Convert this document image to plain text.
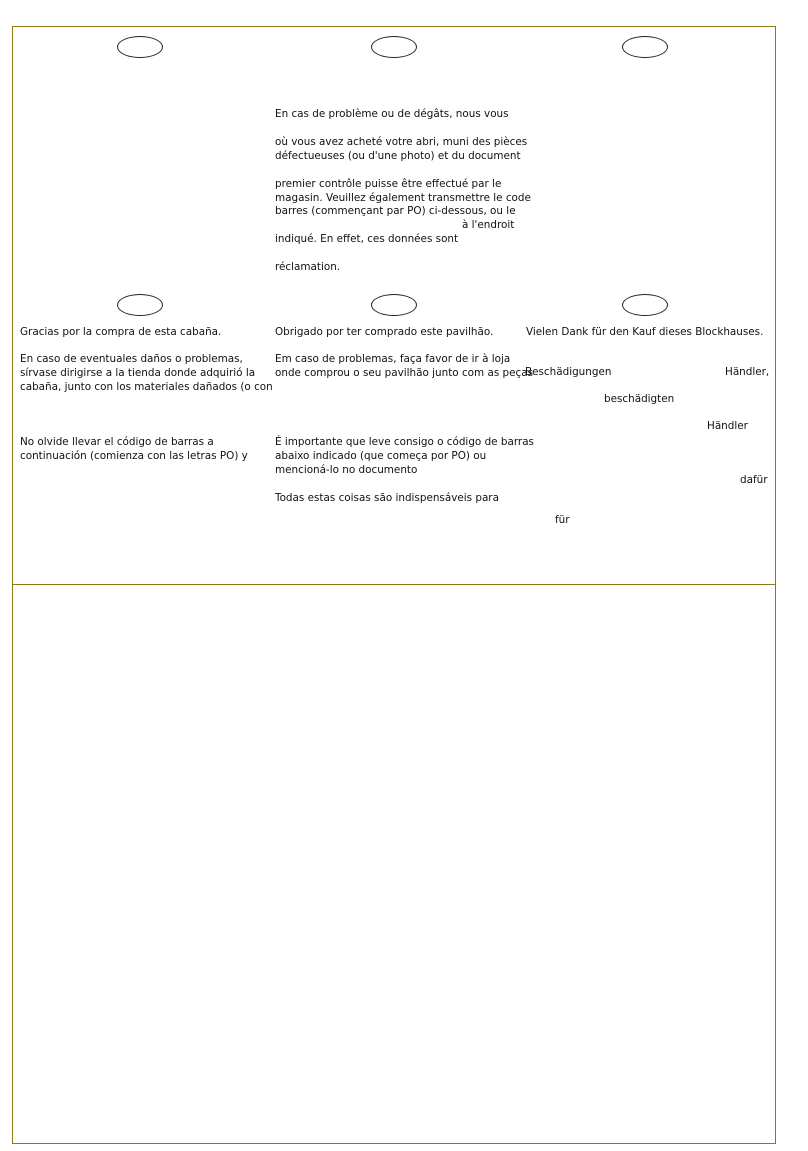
En cas de problème ou de dégâts, nous vous
où vous avez acheté votre abri, muni des pièces
défectueuses (ou d'une photo) et du document
premier contrôle puisse être effectué par le
magasin. Veuillez également transmettre le code
barres (commençant par PO) ci-dessous, ou le
à l'endroit
indiqué. En effet, ces données sont
réclamation.
Gracias por la compra de esta cabaña.
En caso de eventuales daños o problemas,
sírvase dirigirse a la tienda donde adquirió la
cabaña, junto con los materiales dañados (o con
No olvide llevar el código de barras a
continuación (comienza con las letras PO) y
Obrigado por ter comprado este pavilhão.
Em caso de problemas, faça favor de ir à loja
onde comprou o seu pavilhão junto com as peças
É importante que leve consigo o código de barras
abaixo indicado (que começa por PO) ou
mencioná-lo no documento
Todas estas coisas são indispensáveis para
Vielen Dank für den Kauf dieses Blockhauses.
Beschädigungen	Händler,
beschädigten
Händler
dafür
für
